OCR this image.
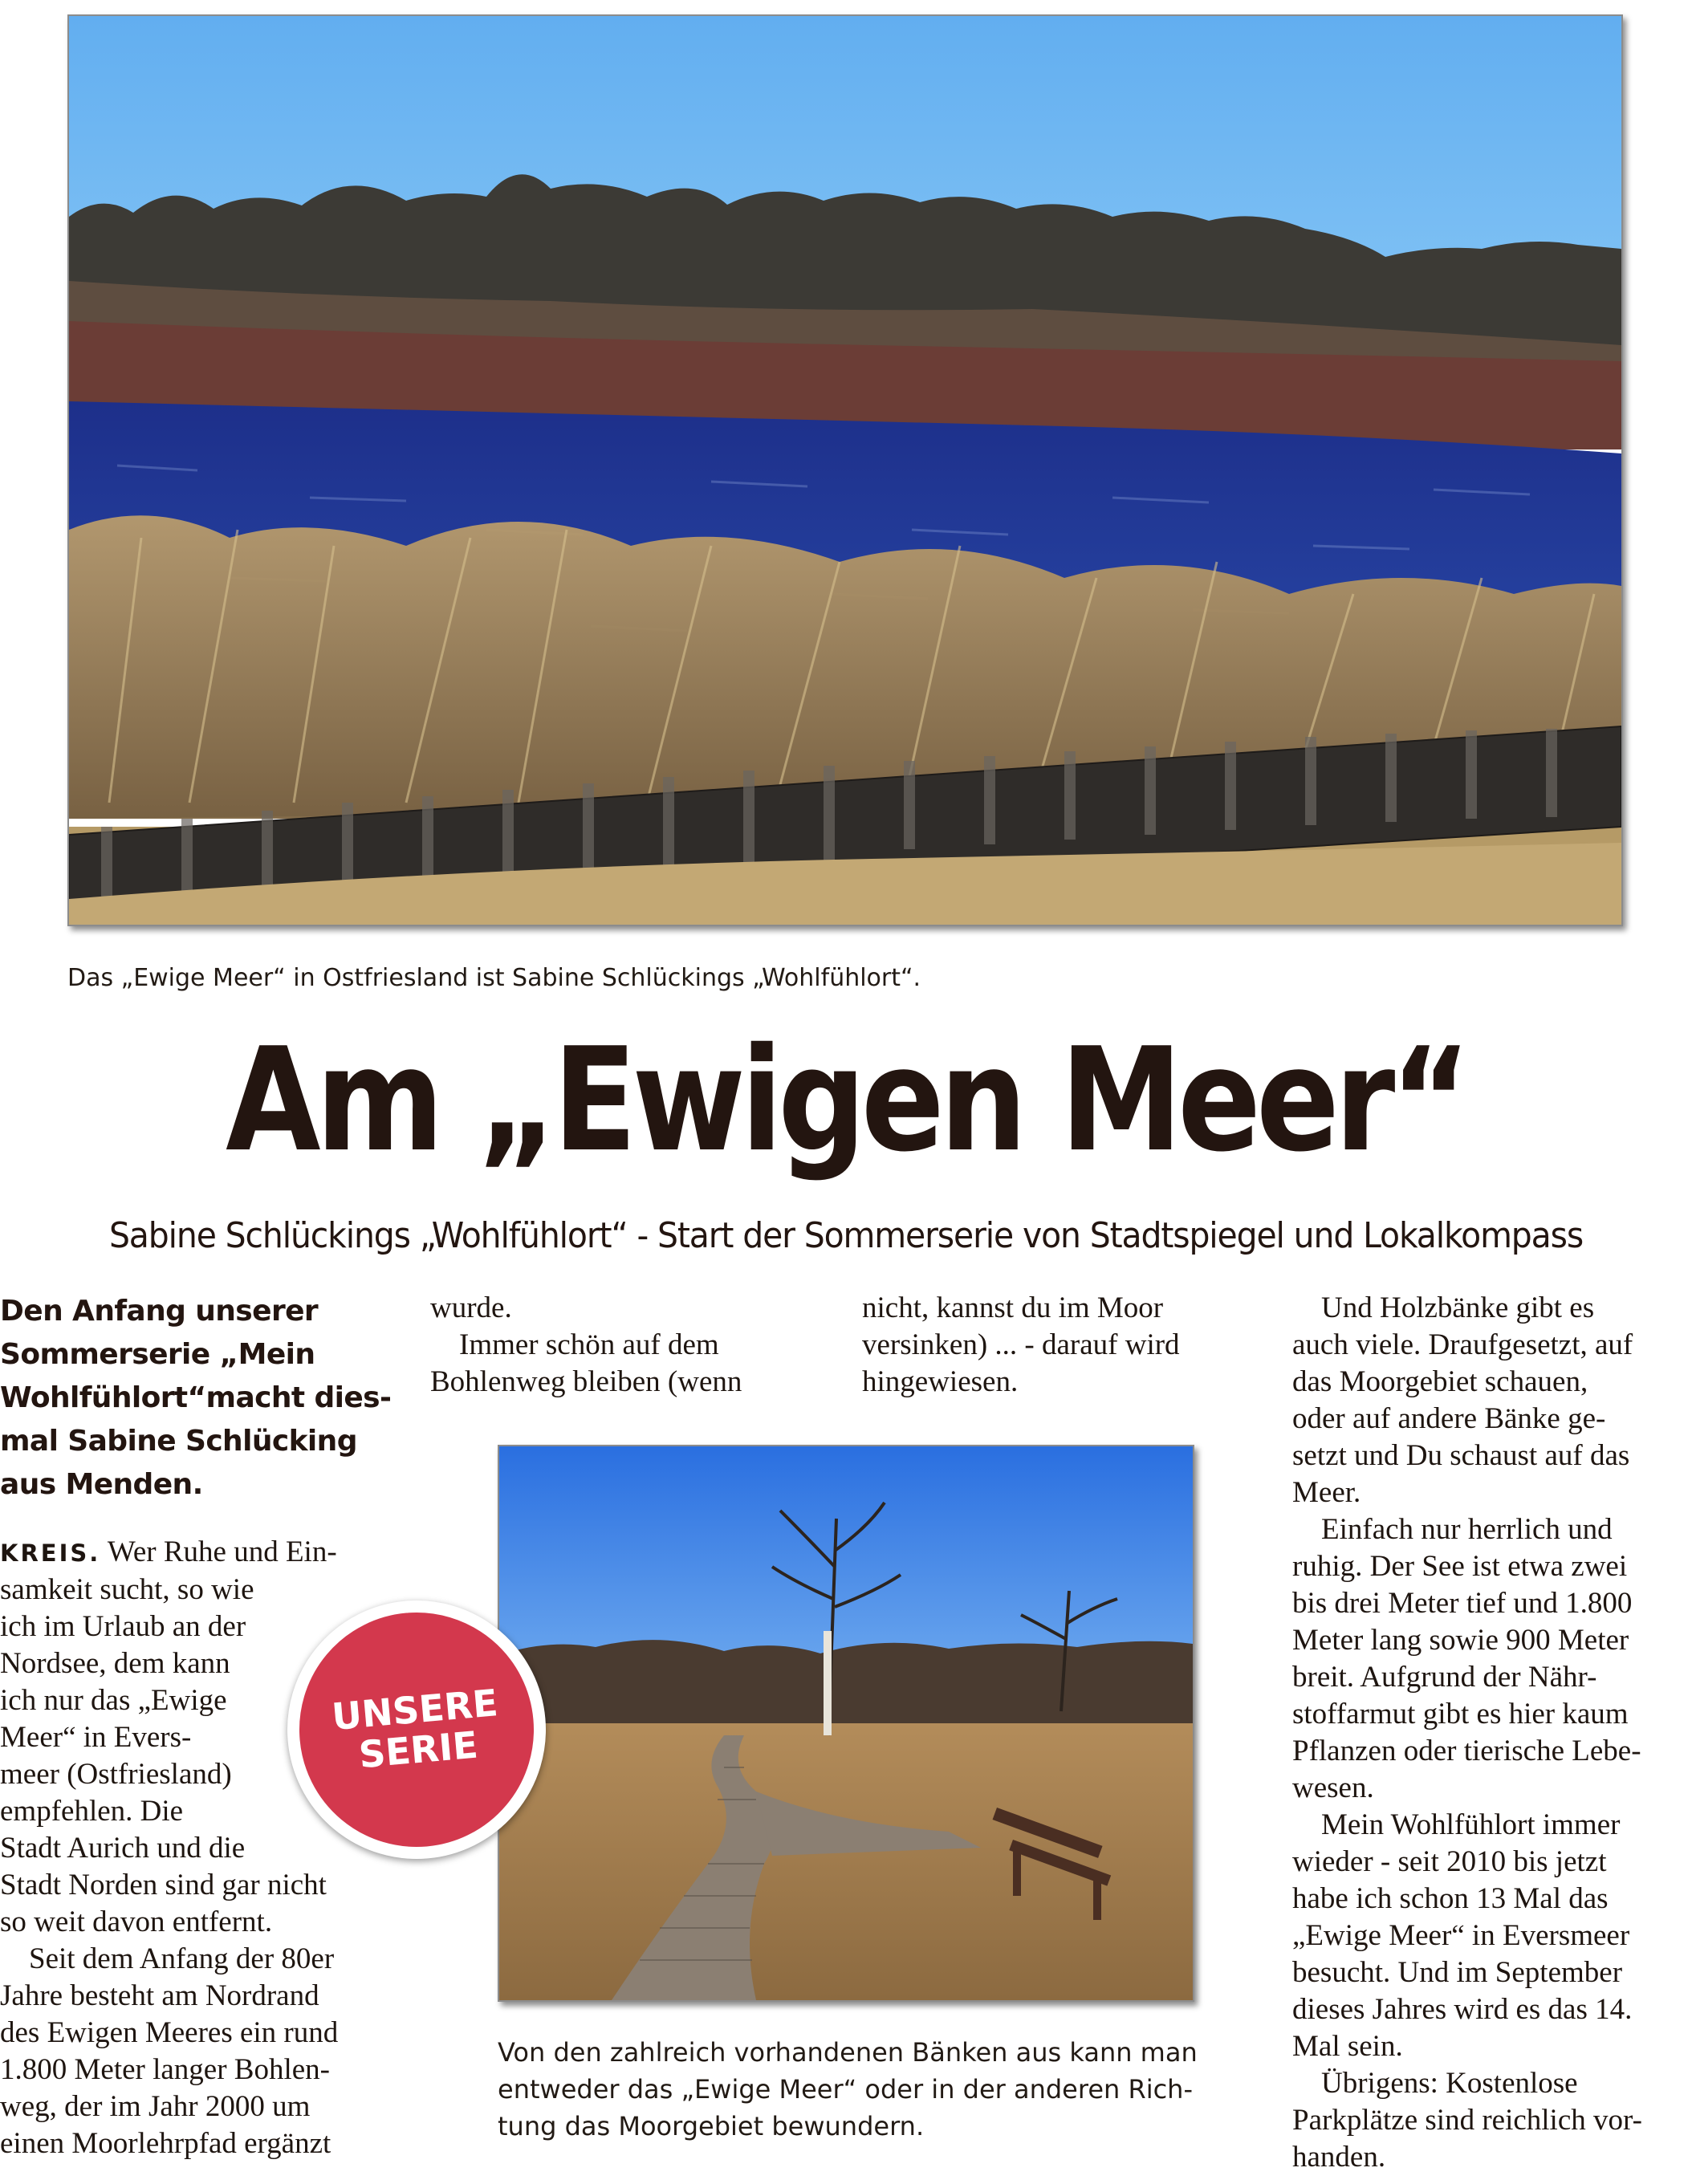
Das „Ewige Meer“ in Ostfriesland ist Sabine Schlückings „Wohlfühlort“.
Am „Ewigen Meer“
Sabine Schlückings „Wohlfühlort“ - Start der Sommerserie von Stadtspiegel und Lokalkompass
Den Anfang unserer
Sommerserie „Mein
Wohlfühlort“macht dies-
mal Sabine Schlücking
aus Menden.
KREIS. Wer Ruhe und Ein-
samkeit sucht, so wie
ich im Urlaub an der
Nordsee, dem kann
ich nur das „Ewige
Meer“ in Evers-
meer (Ostfriesland)
empfehlen. Die
Stadt Aurich und die
Stadt Norden sind gar nicht
so weit davon entfernt.
Seit dem Anfang der 80er
Jahre besteht am Nordrand
des Ewigen Meeres ein rund
1.800 Meter langer Bohlen-
weg, der im Jahr 2000 um
einen Moorlehrpfad ergänzt
wurde.
Immer schön auf dem
Bohlenweg bleiben (wenn
nicht, kannst du im Moor
versinken) ... - darauf wird
hingewiesen.
UNSERE
SERIE
Von den zahlreich vorhandenen Bänken aus kann man
entweder das „Ewige Meer“ oder in der anderen Rich-
tung das Moorgebiet bewundern.
Und Holzbänke gibt es
auch viele. Draufgesetzt, auf
das Moorgebiet schauen,
oder auf andere Bänke ge-
setzt und Du schaust auf das
Meer.
Einfach nur herrlich und
ruhig. Der See ist etwa zwei
bis drei Meter tief und 1.800
Meter lang sowie 900 Meter
breit. Aufgrund der Nähr-
stoffarmut gibt es hier kaum
Pflanzen oder tierische Lebe-
wesen.
Mein Wohlfühlort immer
wieder - seit 2010 bis jetzt
habe ich schon 13 Mal das
„Ewige Meer“ in Eversmeer
besucht. Und im September
dieses Jahres wird es das 14.
Mal sein.
Übrigens: Kostenlose
Parkplätze sind reichlich vor-
handen.
